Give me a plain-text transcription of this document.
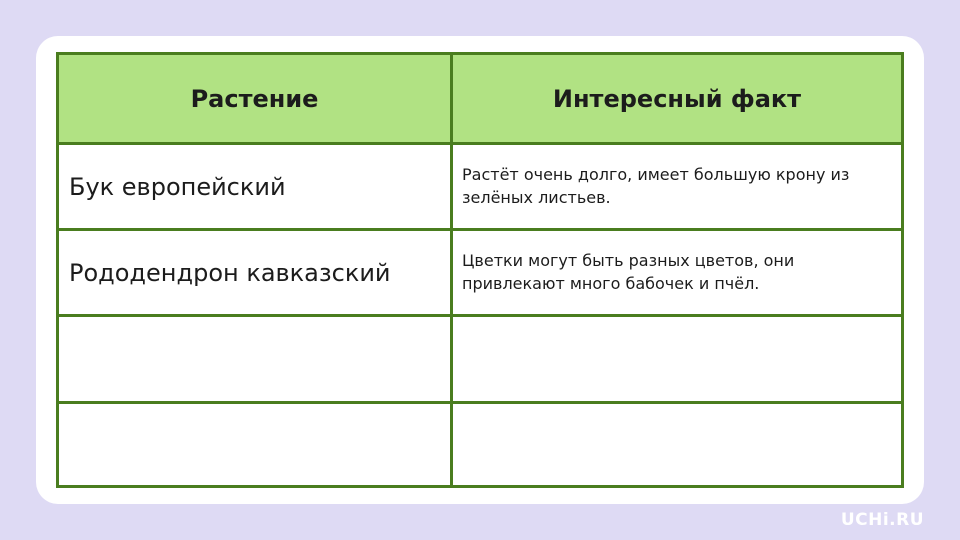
Растение	Интересный факт
Бук европейский	Растёт очень долго, имеет большую крону из зелёных листьев.
Рододендрон кавказский	Цветки могут быть разных цветов, они привлекают много бабочек и пчёл.
UCHi.RU
